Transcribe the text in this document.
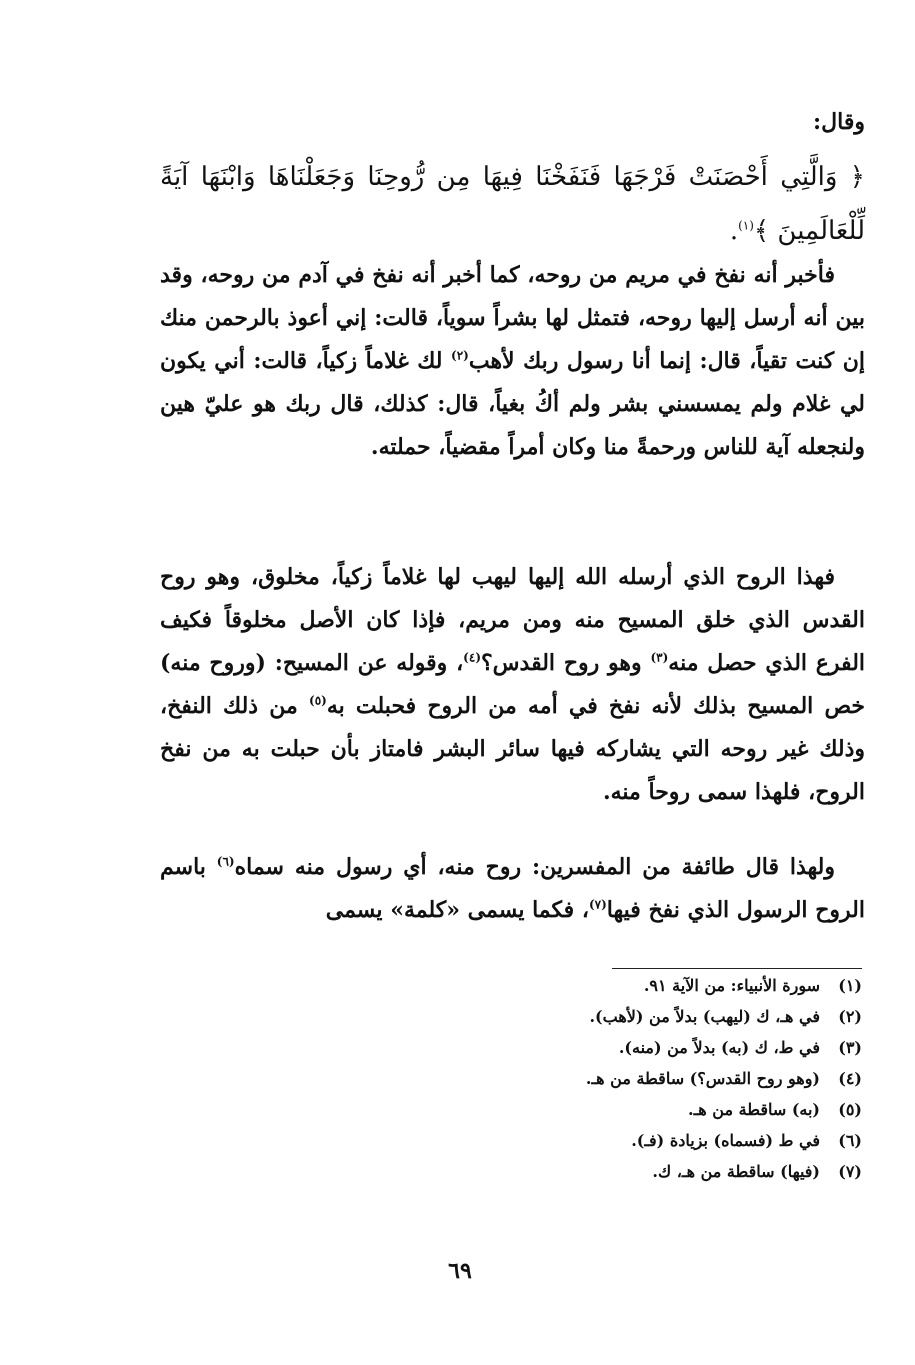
وقال:
﴿ وَالَّتِي أَحْصَنَتْ فَرْجَهَا فَنَفَخْنَا فِيهَا مِن رُّوحِنَا وَجَعَلْنَاهَا وَابْنَهَا آيَةً لِّلْعَالَمِينَ ﴾$^{(١)}$.
فأخبر أنه نفخ في مريم من روحه، كما أخبر أنه نفخ في آدم من روحه، وقد بين أنه أرسل إليها روحه، فتمثل لها بشراً سوياً، قالت: إني أعوذ بالرحمن منك إن كنت تقياً، قال: إنما أنا رسول ربك لأهب$^{(٢)}$ لك غلاماً زكياً، قالت: أني يكون لي غلام ولم يمسسني بشر ولم أكُ بغياً، قال: كذلك، قال ربك هو عليّ هين ولنجعله آية للناس ورحمةً منا وكان أمراً مقضياً، حملته.
فهذا الروح الذي أرسله الله إليها ليهب لها غلاماً زكياً، مخلوق، وهو روح القدس الذي خلق المسيح منه ومن مريم، فإذا كان الأصل مخلوقاً فكيف الفرع الذي حصل منه$^{(٣)}$ وهو روح القدس؟$^{(٤)}$، وقوله عن المسيح: (وروح منه) خص المسيح بذلك لأنه نفخ في أمه من الروح فحبلت به$^{(٥)}$ من ذلك النفخ، وذلك غير روحه التي يشاركه فيها سائر البشر فامتاز بأن حبلت به من نفخ الروح، فلهذا سمى روحاً منه.
ولهذا قال طائفة من المفسرين: روح منه، أي رسول منه سماه$^{(٦)}$ باسم الروح الرسول الذي نفخ فيها$^{(٧)}$، فكما يسمى «كلمة» يسمى
(١)
سورة الأنبياء: من الآية ٩١.
(٢)
في هـ، ك (ليهب) بدلاً من (لأهب).
(٣)
في ط، ك (به) بدلاً من (منه).
(٤)
(وهو روح القدس؟) ساقطة من هـ.
(٥)
(به) ساقطة من هـ.
(٦)
في ط (فسماه) بزيادة (فـ).
(٧)
(فيها) ساقطة من هـ، ك.
٦٩
